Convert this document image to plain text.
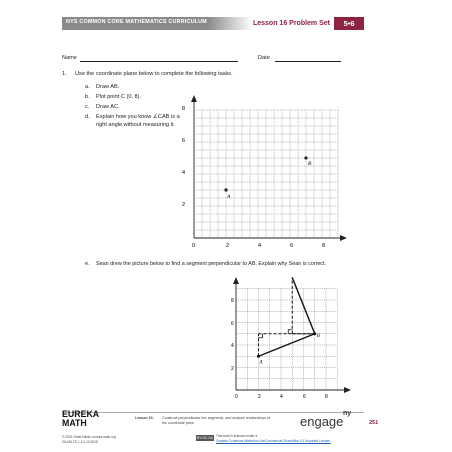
NYS COMMON CORE MATHEMATICS CURRICULUM	Lesson 16 Problem Set	5•6
Name	Date
1. Use the coordinate plane below to complete the following tasks.
a. Draw AB.
b. Plot point C (0, 8).
c. Draw AC.
d. Explain how you know ∠CAB is a
right angle without measuring it.
8
6
4
2
0	2	4	6	8
A
B
e. Sean drew the picture below to find a segment perpendicular to AB. Explain why Sean is correct.
8
6
4
2
0	2	4	6	8
A
B
EUREKA
MATH	Lesson 16: Construct perpendicular line segments, and analyze relationships of
the coordinate pairs.	engage
ny
251
© 2015 Great Minds. eureka-math.org
G5-M6-TE-1.3.0-10.2015
BY-NC-SA This work is licensed under a
Creative Commons Attribution-NonCommercial-ShareAlike 3.0 Unported License.
